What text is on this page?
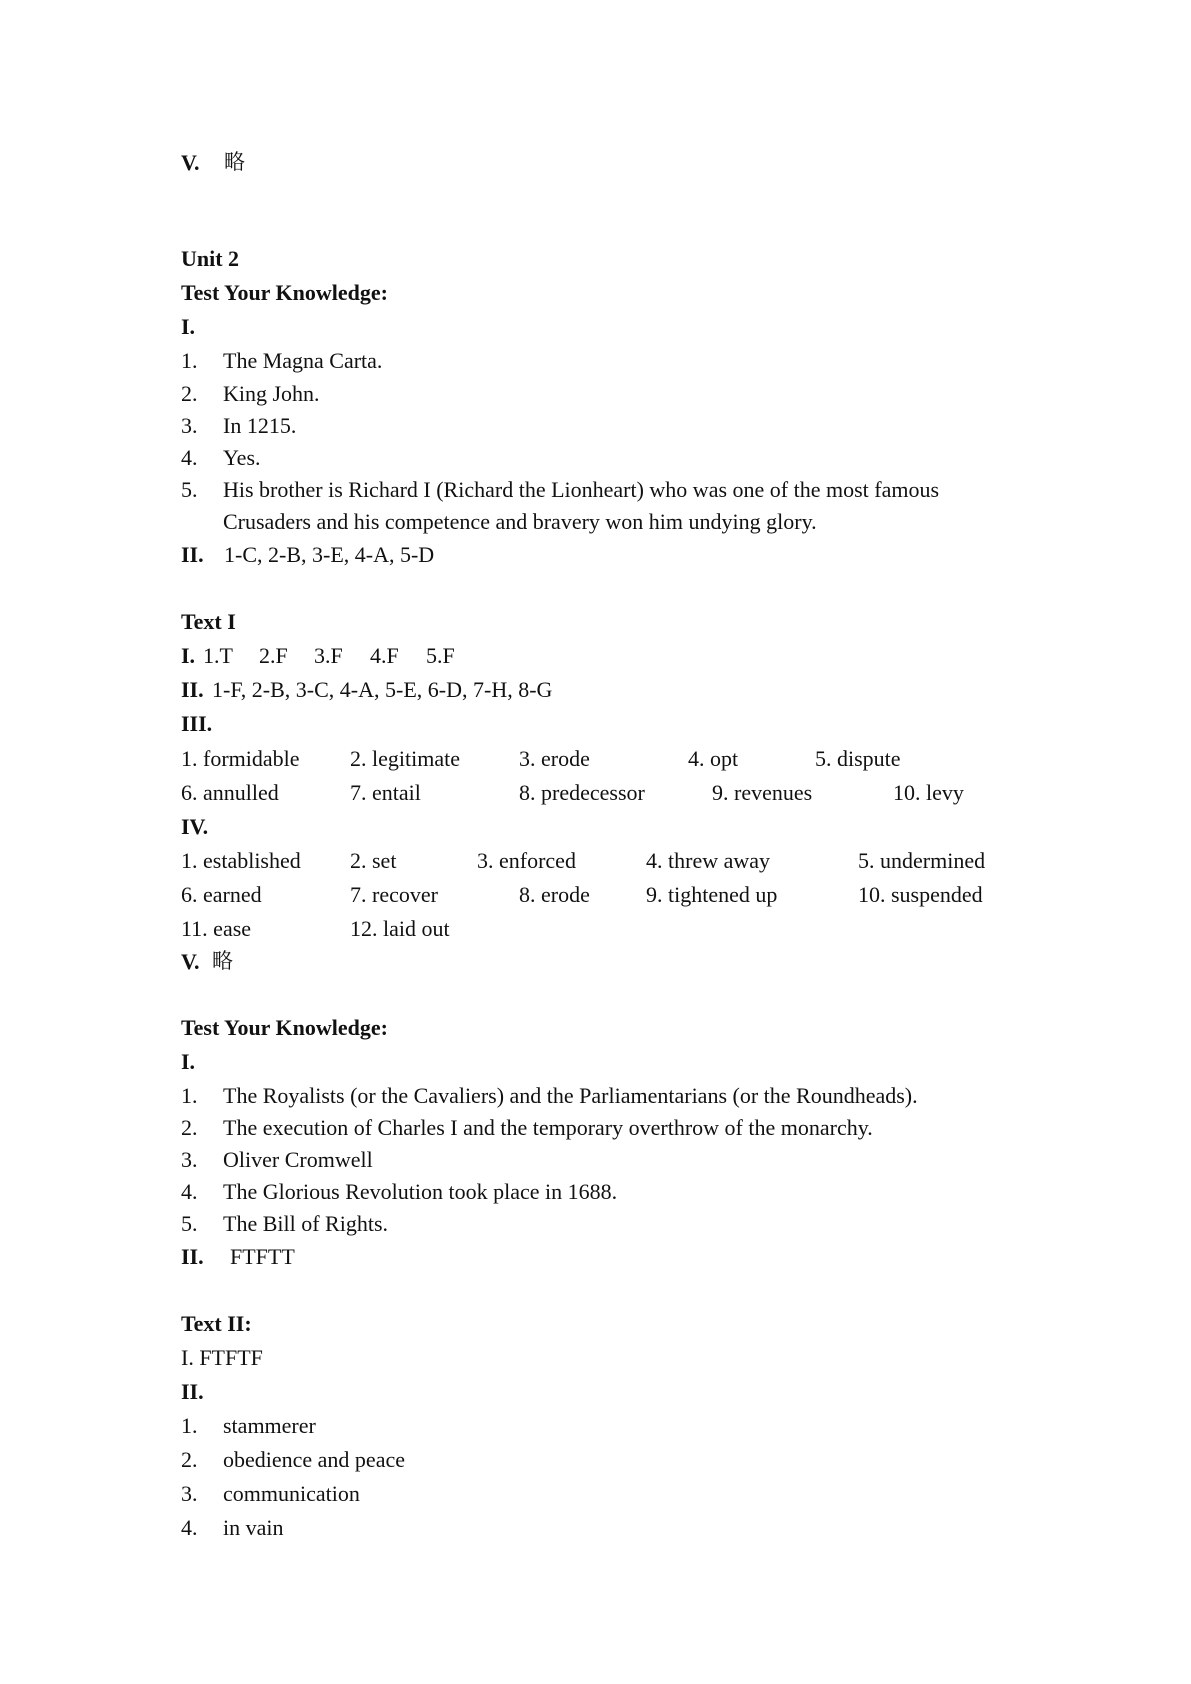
V. 略
Unit 2
Test Your Knowledge:
I.
1. The Magna Carta.
2. King John.
3. In 1215.
4. Yes.
5. His brother is Richard I (Richard the Lionheart) who was one of the most famous
Crusaders and his competence and bravery won him undying glory.
II. 1-C, 2-B, 3-E, 4-A, 5-D
Text I
I. 1.T 2.F 3.F 4.F 5.F
II. 1-F, 2-B, 3-C, 4-A, 5-E, 6-D, 7-H, 8-G
III.
1. formidable 2. legitimate	3. erode	4. opt	5. dispute
6. annulled	7. entail	8. predecessor	9. revenues	10. levy
IV.
1. established 2. set	3. enforced	4. threw away	5. undermined
6. earned	7. recover	8. erode	9. tightened up	10. suspended
11. ease	12. laid out
V. 略
Test Your Knowledge:
I.
1. The Royalists (or the Cavaliers) and the Parliamentarians (or the Roundheads).
2. The execution of Charles I and the temporary overthrow of the monarchy.
3. Oliver Cromwell
4. The Glorious Revolution took place in 1688.
5. The Bill of Rights.
II. FTFTT
Text II:
I. FTFTF
II.
1. stammerer
2. obedience and peace
3. communication
4. in vain
